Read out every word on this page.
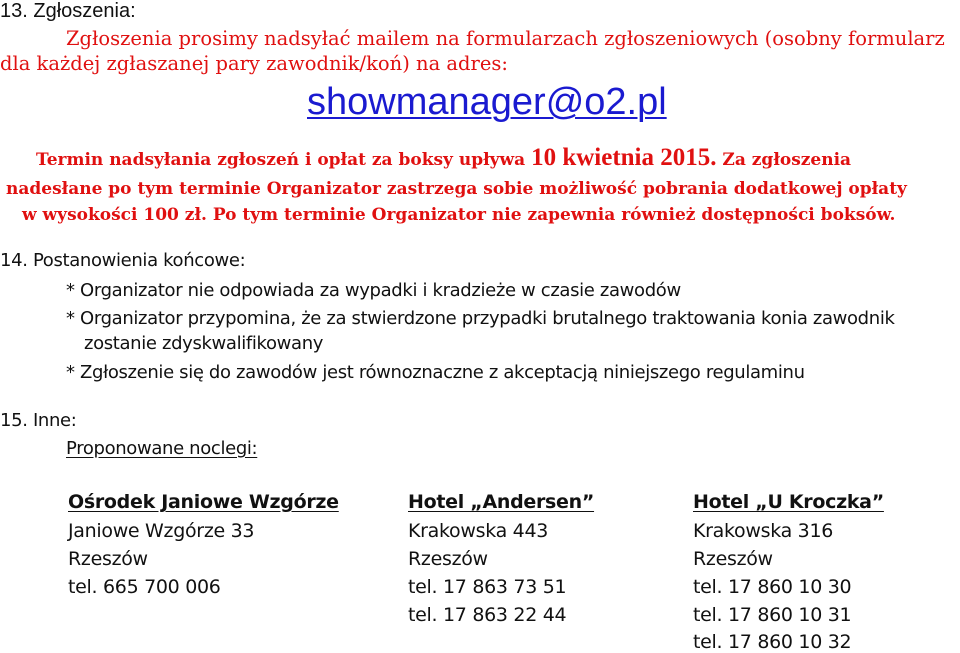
13. Zgłoszenia:
Zgłoszenia prosimy nadsyłać mailem na formularzach zgłoszeniowych (osobny formularz
dla każdej zgłaszanej pary zawodnik/koń) na adres:
showmanager@o2.pl
Termin nadsyłania zgłoszeń i opłat za boksy upływa 10 kwietnia 2015. Za zgłoszenia
nadesłane po tym terminie Organizator zastrzega sobie możliwość pobrania dodatkowej opłaty
w wysokości 100 zł. Po tym terminie Organizator nie zapewnia również dostępności boksów.
14. Postanowienia końcowe:
* Organizator nie odpowiada za wypadki i kradzieże w czasie zawodów
* Organizator przypomina, że za stwierdzone przypadki brutalnego traktowania konia zawodnik
zostanie zdyskwalifikowany
* Zgłoszenie się do zawodów jest równoznaczne z akceptacją niniejszego regulaminu
15. Inne:
Proponowane noclegi:
Ośrodek Janiowe Wzgórze
Janiowe Wzgórze 33
Rzeszów
tel. 665 700 006
Hotel „Andersen”
Krakowska 443
Rzeszów
tel. 17 863 73 51
tel. 17 863 22 44
Hotel „U Kroczka”
Krakowska 316
Rzeszów
tel. 17 860 10 30
tel. 17 860 10 31
tel. 17 860 10 32
